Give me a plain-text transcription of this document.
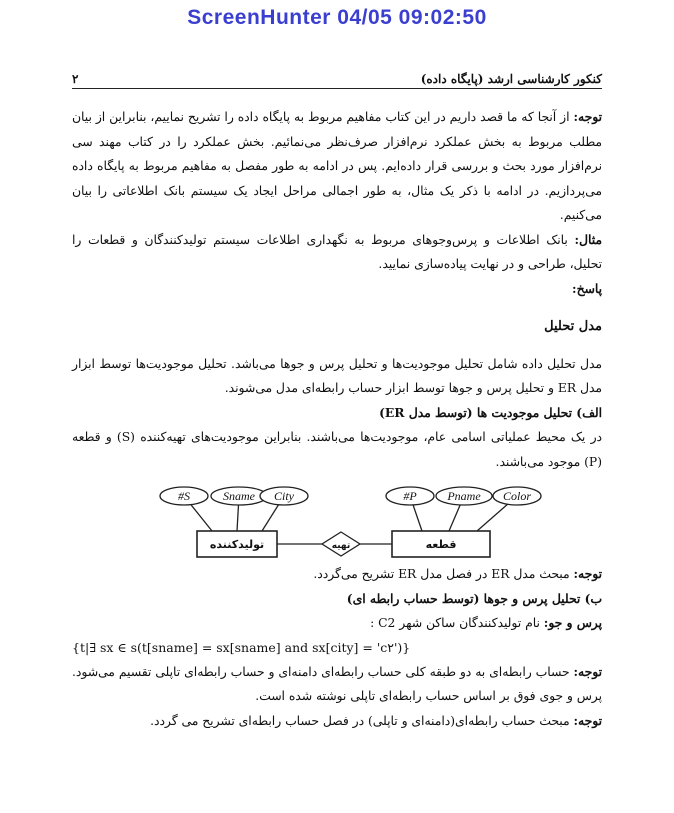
ScreenHunter 04/05 09:02:50
کنکور کارشناسی ارشد (پایگاه داده)
۲

توجه: از آنجا که ما قصد داریم در این کتاب مفاهیم مربوط به پایگاه داده را تشریح نماییم، بنابراین از بیان مطلب مربوط به بخش عملکرد نرم‌افزار صرف‌نظر می‌نمائیم. بخش عملکرد را در کتاب مهند سی نرم‌افزار مورد بحث و بررسی قرار داده‌ایم. پس در ادامه به طور مفصل به مفاهیم مربوط به پایگاه داده می‌پردازیم. در ادامه با ذکر یک مثال، به طور اجمالی مراحل ایجاد یک سیستم بانک اطلاعاتی را بیان می‌کنیم.

مثال: بانک اطلاعات و پرس‌وجوهای مربوط به نگهداری اطلاعات سیستم تولیدکنندگان و قطعات را تحلیل، طراحی و در نهایت پیاده‌سازی نمایید.

پاسخ:

مدل تحلیل

مدل تحلیل داده شامل تحلیل موجودیت‌ها و تحلیل پرس و جوها می‌باشد. تحلیل موجودیت‌ها توسط ابزار مدل ER و تحلیل پرس و جوها توسط ابزار حساب رابطه‌ای مدل می‌شوند.

الف) تحلیل موجودیت ها (توسط مدل ER)

در یک محیط عملیاتی اسامی عام، موجودیت‌ها می‌باشند. بنابراین موجودیت‌های تهیه‌کننده (S) و قطعه (P) موجود می‌باشند.

S#	Sname City	P#	Pname Color
تولیدکننده	قطعه
تهیه

توجه: مبحث مدل ER در فصل مدل ER تشریح می‌گردد.

ب) تحلیل پرس و جوها (توسط حساب رابطه ای)

پرس و جو: نام تولیدکنندگان ساکن شهر C2 :

{t|∃ sx ∈ s(t[sname] = sx[sname] and sx[city] = 'c۲')}

توجه: حساب رابطه‌ای به دو طبقه کلی حساب رابطه‌ای دامنه‌ای و حساب رابطه‌ای تاپلی تقسیم می‌شود. پرس و جوی فوق بر اساس حساب رابطه‌ای تاپلی نوشته شده است.

توجه: مبحث حساب رابطه‌ای(دامنه‌ای و تاپلی) در فصل حساب رابطه‌ای تشریح می گردد.
